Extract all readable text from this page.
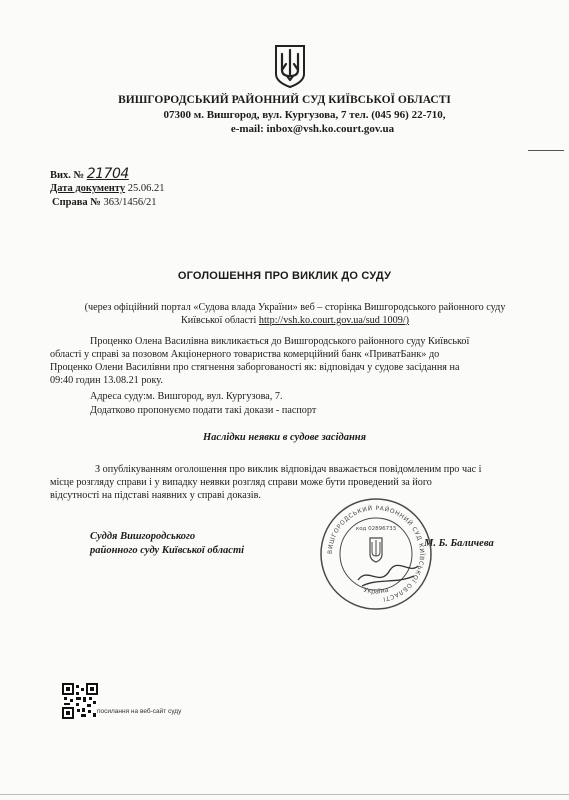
ВИШГОРОДСЬКИЙ РАЙОННИЙ СУД КИЇВСЬКОЇ ОБЛАСТІ
07300 м. Вишгород, вул. Кургузова, 7 тел. (045 96) 22-710,
e-mail: inbox@vsh.ko.court.gov.ua
Вих. № 21704
Дата документу 25.06.21
Справа № 363/1456/21
ОГОЛОШЕННЯ ПРО ВИКЛИК ДО СУДУ
(через офіційний портал «Судова влада України» веб – сторінка Вишгородського районного суду
Київської області http://vsh.ko.court.gov.ua/sud 1009/)
Проценко Олена Василівна викликається до Вишгородського районного суду Київської
області у справі за позовом Акціонерного товариства комерційний банк «ПриватБанк» до
Проценко Олени Василівни про стягнення заборгованості як: відповідач у судове засідання на
09:40 годин 13.08.21 року.
Адреса суду:м. Вишгород, вул. Кургузова, 7.
Додатково пропонуємо подати такі докази - паспорт
Наслідки неявки в судове засідання
З опублікуванням оголошення про виклик відповідач вважається повідомленим про час і
місце розгляду справи і у випадку неявки розгляд справи може бути проведений за його
відсутності на підставі наявних у справі доказів.
Суддя Вишгородського
районного суду Київської області
М. Б. Баличева
ВИШГОРОДСЬКИЙ РАЙОННИЙ СУД КИЇВСЬКОЇ ОБЛАСТІ
Україна
код 02896733
посилання на веб-сайт суду
